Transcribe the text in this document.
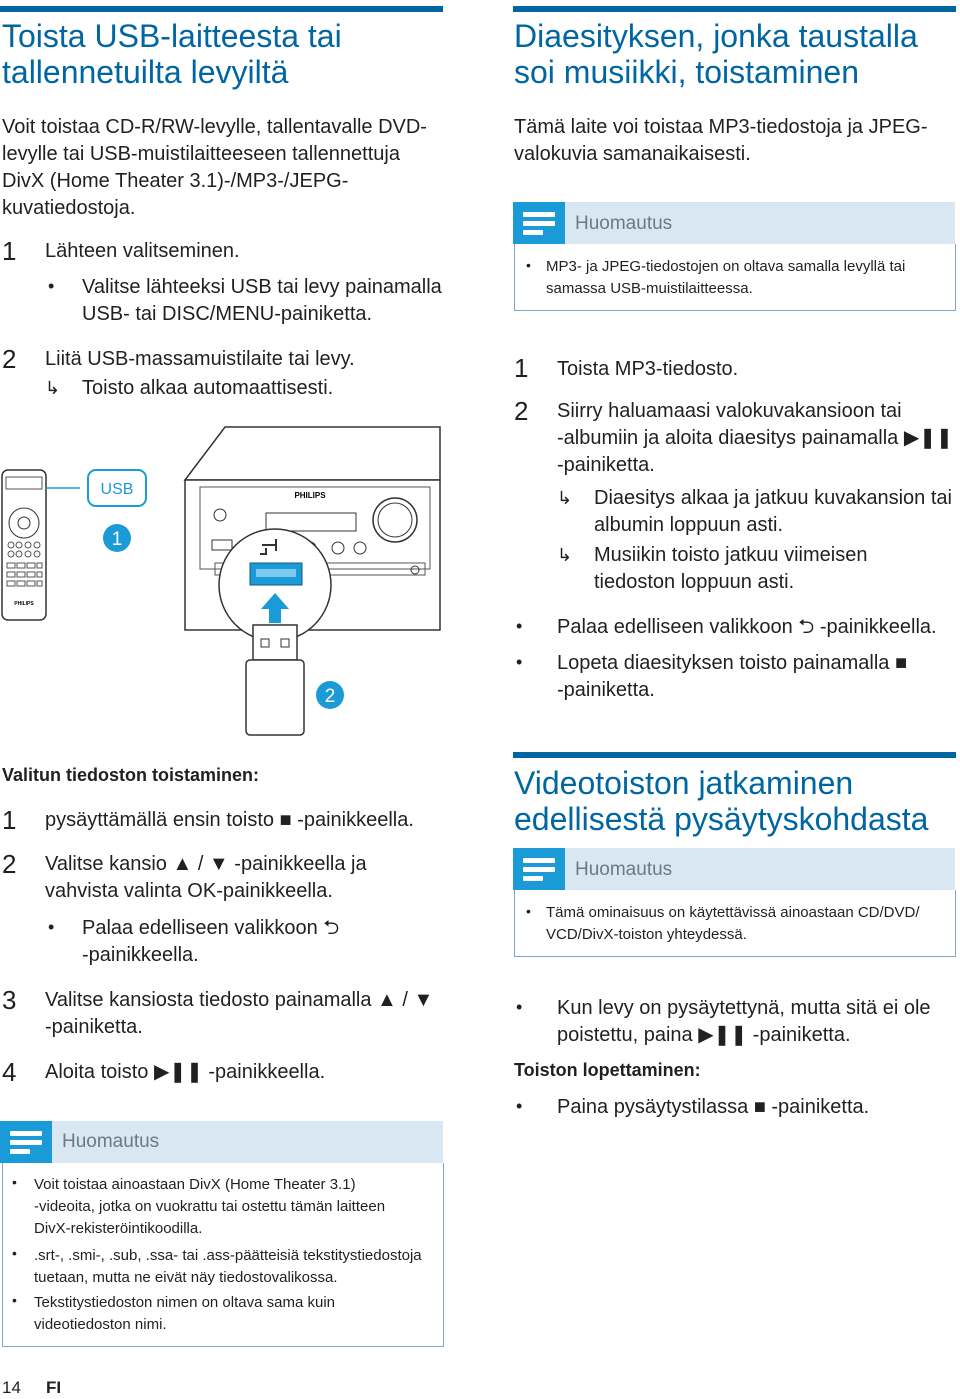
Toista USB-laitteesta tai
tallennetuilta levyiltä
Voit toistaa CD-R/RW-levylle, tallentavalle DVD-
levylle tai USB-muistilaitteeseen tallennettuja
DivX (Home Theater 3.1)-/MP3-/JEPG-
kuvatiedostoja.
1 Lähteen valitseminen.
• Valitse lähteeksi USB tai levy painamalla
USB- tai DISC/MENU-painiketta.
2 Liitä USB-massamuistilaite tai levy.
↳ Toisto alkaa automaattisesti.
PHILIPS
USB
1
PHILIPS
2
Valitun tiedoston toistaminen:
1 pysäyttämällä ensin toisto ■ -painikkeella.
2 Valitse kansio ▲ / ▼ -painikkeella ja
vahvista valinta OK-painikkeella.
• Palaa edelliseen valikkoon ⮌
-painikkeella.
3 Valitse kansiosta tiedosto painamalla ▲ / ▼
-painiketta.
4 Aloita toisto ▶❚❚ -painikkeella.
Huomautus
• Voit toistaa ainoastaan DivX (Home Theater 3.1)
-videoita, jotka on vuokrattu tai ostettu tämän laitteen
DivX-rekisteröintikoodilla.
• .srt-, .smi-, .sub, .ssa- tai .ass-päätteisiä tekstitystiedostoja
tuetaan, mutta ne eivät näy tiedostovalikossa.
• Tekstitystiedoston nimen on oltava sama kuin
videotiedoston nimi.
Diaesityksen, jonka taustalla
soi musiikki, toistaminen
Tämä laite voi toistaa MP3-tiedostoja ja JPEG-
valokuvia samanaikaisesti.
Huomautus
• MP3- ja JPEG-tiedostojen on oltava samalla levyllä tai
samassa USB-muistilaitteessa.
1 Toista MP3-tiedosto.
2 Siirry haluamaasi valokuvakansioon tai
-albumiin ja aloita diaesitys painamalla ▶❚❚
-painiketta.
↳ Diaesitys alkaa ja jatkuu kuvakansion tai
albumin loppuun asti.
↳ Musiikin toisto jatkuu viimeisen
tiedoston loppuun asti.
• Palaa edelliseen valikkoon ⮌ -painikkeella.
• Lopeta diaesityksen toisto painamalla ■
-painiketta.
Videotoiston jatkaminen
edellisestä pysäytyskohdasta
Huomautus
• Tämä ominaisuus on käytettävissä ainoastaan CD/DVD/
VCD/DivX-toiston yhteydessä.
• Kun levy on pysäytettynä, mutta sitä ei ole
poistettu, paina ▶❚❚ -painiketta.
Toiston lopettaminen:
• Paina pysäytystilassa ■ -painiketta.
14 FI
